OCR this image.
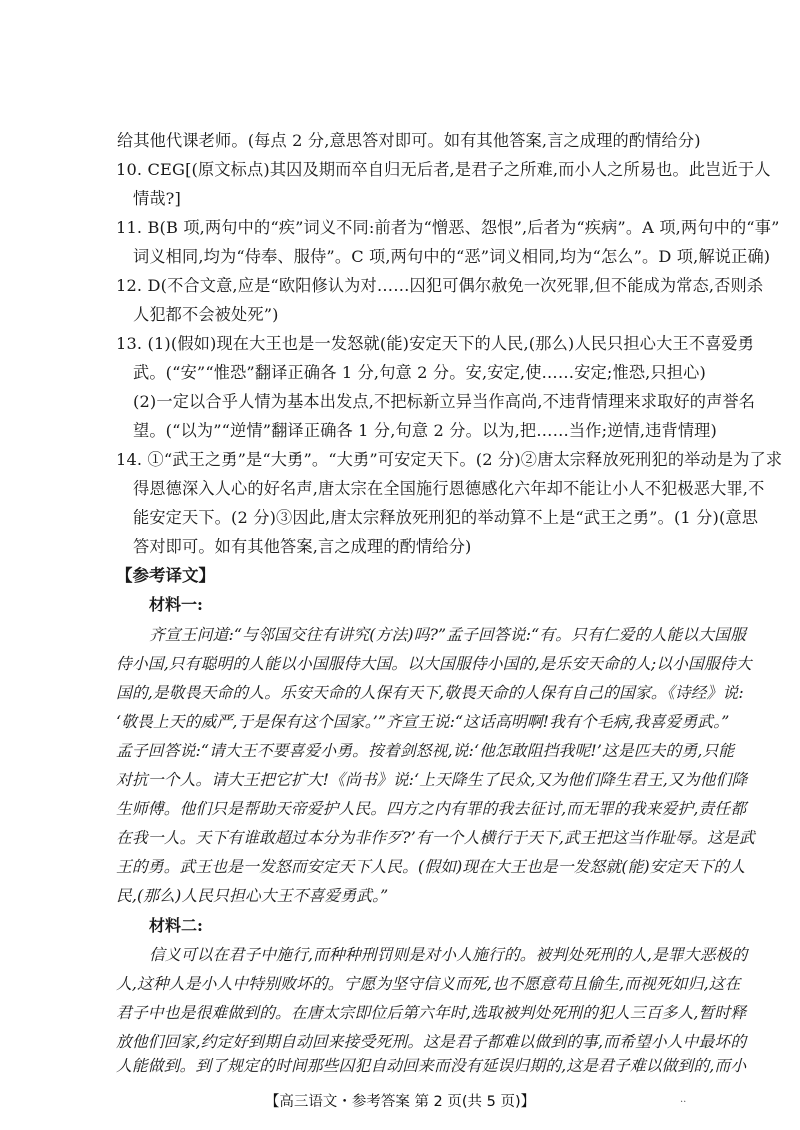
给其他代课老师。(每点 2 分,意思答对即可。如有其他答案,言之成理的酌情给分)
10. CEG[(原文标点)其囚及期而卒自归无后者,是君子之所难,而小人之所易也。此岂近于人
情哉?]
11. B(B 项,两句中的“疾”词义不同:前者为“憎恶、怨恨”,后者为“疾病”。A 项,两句中的“事”
词义相同,均为“侍奉、服侍”。C 项,两句中的“恶”词义相同,均为“怎么”。D 项,解说正确)
12. D(不合文意,应是“欧阳修认为对……囚犯可偶尔赦免一次死罪,但不能成为常态,否则杀
人犯都不会被处死”)
13. (1)(假如)现在大王也是一发怒就(能)安定天下的人民,(那么)人民只担心大王不喜爱勇
武。(“安”“惟恐”翻译正确各 1 分,句意 2 分。安,安定,使……安定;惟恐,只担心)
(2)一定以合乎人情为基本出发点,不把标新立异当作高尚,不违背情理来求取好的声誉名
望。(“以为”“逆情”翻译正确各 1 分,句意 2 分。以为,把……当作;逆情,违背情理)
14. ①“武王之勇”是“大勇”。“大勇”可安定天下。(2 分)②唐太宗释放死刑犯的举动是为了求
得恩德深入人心的好名声,唐太宗在全国施行恩德感化六年却不能让小人不犯极恶大罪,不
能安定天下。(2 分)③因此,唐太宗释放死刑犯的举动算不上是“武王之勇”。(1 分)(意思
答对即可。如有其他答案,言之成理的酌情给分)
【参考译文】
材料一:
齐宣王问道:“与邻国交往有讲究(方法)吗?”孟子回答说:“有。只有仁爱的人能以大国服
侍小国,只有聪明的人能以小国服侍大国。以大国服侍小国的,是乐安天命的人;以小国服侍大
国的,是敬畏天命的人。乐安天命的人保有天下,敬畏天命的人保有自己的国家。《诗经》说:
‘敬畏上天的威严,于是保有这个国家。’”齐宣王说:“这话高明啊!我有个毛病,我喜爱勇武。”
孟子回答说:“请大王不要喜爱小勇。按着剑怒视,说:‘他怎敢阻挡我呢!’这是匹夫的勇,只能
对抗一个人。请大王把它扩大!《尚书》说:‘上天降生了民众,又为他们降生君王,又为他们降
生师傅。他们只是帮助天帝爱护人民。四方之内有罪的我去征讨,而无罪的我来爱护,责任都
在我一人。天下有谁敢超过本分为非作歹?’有一个人横行于天下,武王把这当作耻辱。这是武
王的勇。武王也是一发怒而安定天下人民。(假如)现在大王也是一发怒就(能)安定天下的人
民,(那么)人民只担心大王不喜爱勇武。”
材料二:
信义可以在君子中施行,而种种刑罚则是对小人施行的。被判处死刑的人,是罪大恶极的
人,这种人是小人中特别败坏的。宁愿为坚守信义而死,也不愿意苟且偷生,而视死如归,这在
君子中也是很难做到的。在唐太宗即位后第六年时,选取被判处死刑的犯人三百多人,暂时释
放他们回家,约定好到期自动回来接受死刑。这是君子都难以做到的事,而希望小人中最坏的
人能做到。到了规定的时间那些囚犯自动回来而没有延误归期的,这是君子难以做到的,而小
【高三语文・参考答案 第 2 页(共 5 页)】	..
